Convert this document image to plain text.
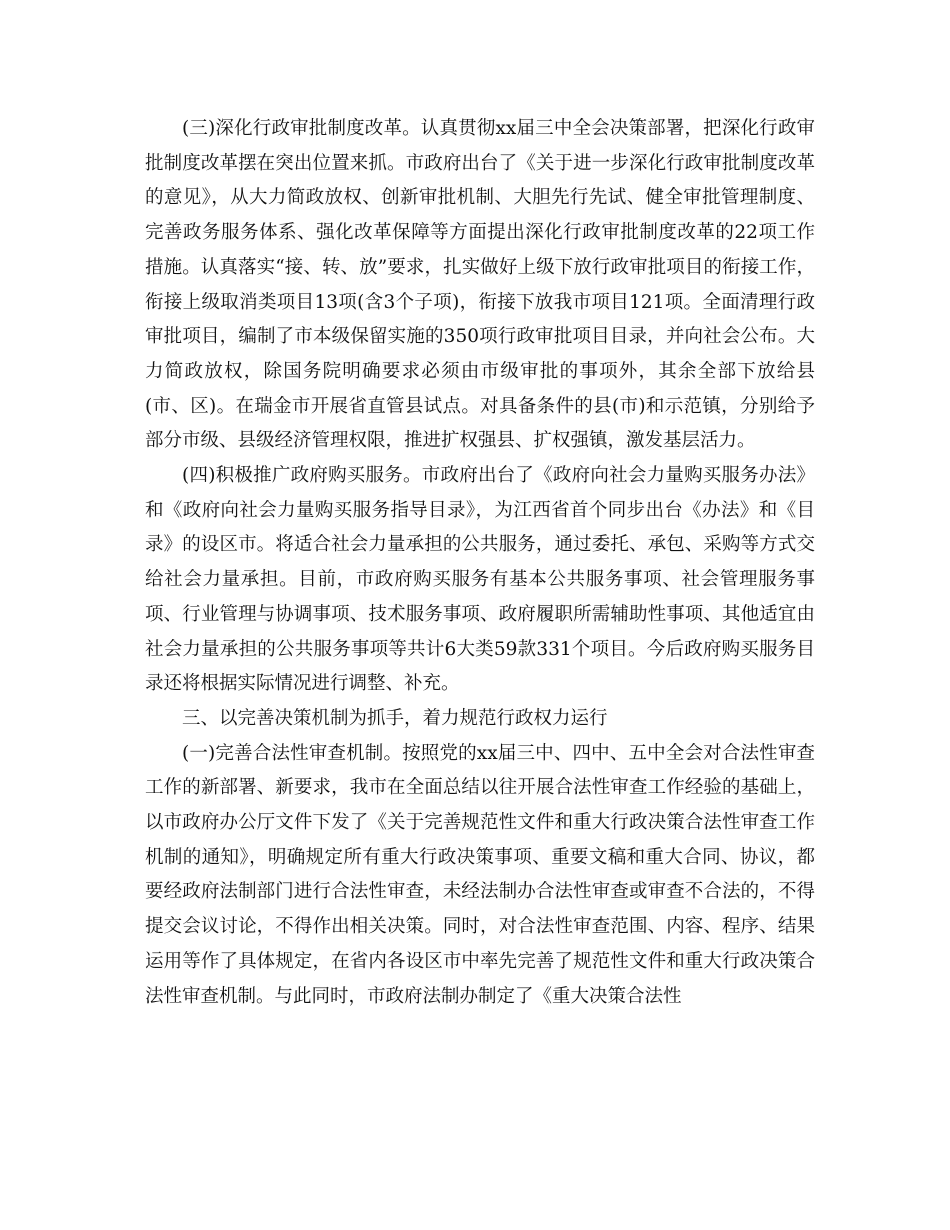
(三)深化行政审批制度改革。认真贯彻xx届三中全会决策部署，把深化行政审批制度改革摆在突出位置来抓。市政府出台了《关于进一步深化行政审批制度改革的意见》，从大力简政放权、创新审批机制、大胆先行先试、健全审批管理制度、完善政务服务体系、强化改革保障等方面提出深化行政审批制度改革的22项工作措施。认真落实“接、转、放”要求，扎实做好上级下放行政审批项目的衔接工作，衔接上级取消类项目13项(含3个子项)，衔接下放我市项目121项。全面清理行政审批项目，编制了市本级保留实施的350项行政审批项目目录，并向社会公布。大力简政放权，除国务院明确要求必须由市级审批的事项外，其余全部下放给县(市、区)。在瑞金市开展省直管县试点。对具备条件的县(市)和示范镇，分别给予部分市级、县级经济管理权限，推进扩权强县、扩权强镇，激发基层活力。

(四)积极推广政府购买服务。市政府出台了《政府向社会力量购买服务办法》和《政府向社会力量购买服务指导目录》，为江西省首个同步出台《办法》和《目录》的设区市。将适合社会力量承担的公共服务，通过委托、承包、采购等方式交给社会力量承担。目前，市政府购买服务有基本公共服务事项、社会管理服务事项、行业管理与协调事项、技术服务事项、政府履职所需辅助性事项、其他适宜由社会力量承担的公共服务事项等共计6大类59款331个项目。今后政府购买服务目录还将根据实际情况进行调整、补充。

三、以完善决策机制为抓手，着力规范行政权力运行

(一)完善合法性审查机制。按照党的xx届三中、四中、五中全会对合法性审查工作的新部署、新要求，我市在全面总结以往开展合法性审查工作经验的基础上，以市政府办公厅文件下发了《关于完善规范性文件和重大行政决策合法性审查工作机制的通知》，明确规定所有重大行政决策事项、重要文稿和重大合同、协议，都要经政府法制部门进行合法性审查，未经法制办合法性审查或审查不合法的，不得提交会议讨论，不得作出相关决策。同时，对合法性审查范围、内容、程序、结果运用等作了具体规定，在省内各设区市中率先完善了规范性文件和重大行政决策合法性审查机制。与此同时，市政府法制办制定了《重大决策合法性
